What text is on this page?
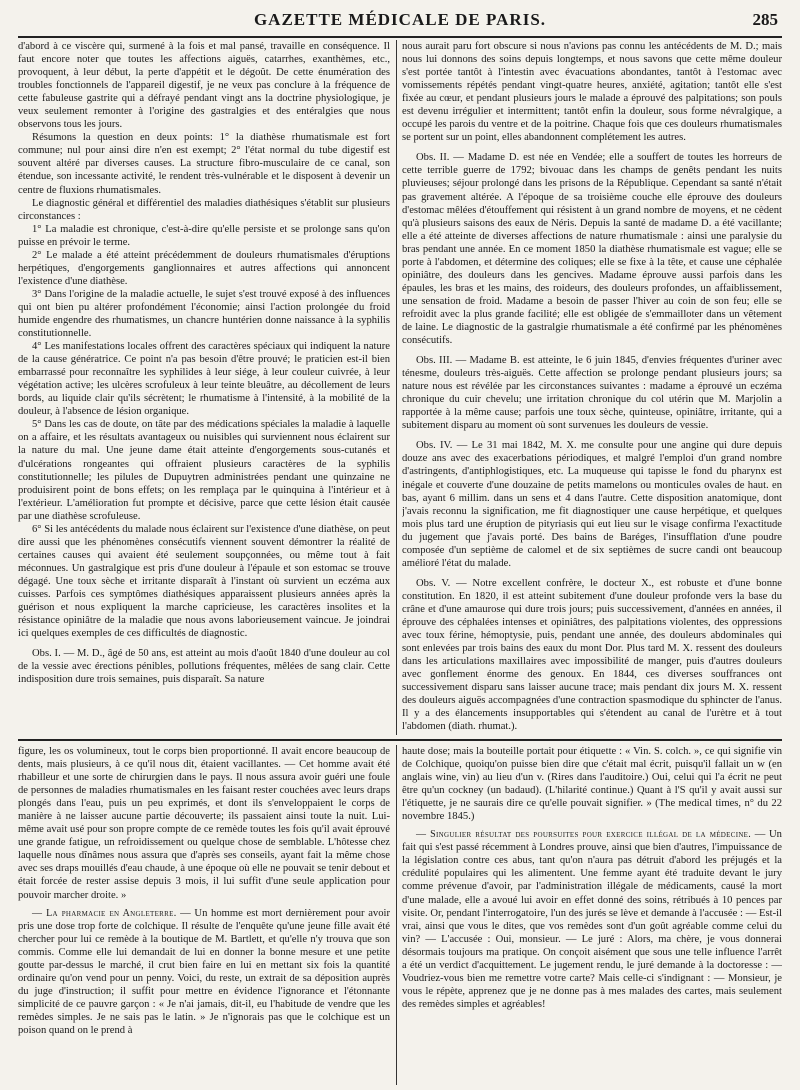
GAZETTE MÉDICALE DE PARIS.	285

d'abord à ce viscère qui, surmené à la fois et mal pansé, travaille en conséquence. Il faut encore noter que toutes les affections aiguës, catarrhes, exanthèmes, etc., provoquent, à leur début, la perte d'appétit et le dégoût. De cette énumération des troubles fonctionnels de l'appareil digestif, je ne veux pas conclure à la fréquence de cette fabuleuse gastrite qui a défrayé pendant vingt ans la doctrine physiologique, je veux seulement remonter à l'origine des gastralgies et des entéralgies que nous observons tous les jours.

Résumons la question en deux points: 1° la diathèse rhumatismale est fort commune; nul pour ainsi dire n'en est exempt; 2° l'état normal du tube digestif est souvent altéré par diverses causes. La structure fibro-musculaire de ce canal, son étendue, son incessante activité, le rendent très-vulnérable et le disposent à devenir un centre de fluxions rhumatismales.

Le diagnostic général et différentiel des maladies diathésiques s'établit sur plusieurs circonstances :

1° La maladie est chronique, c'est-à-dire qu'elle persiste et se prolonge sans qu'on puisse en prévoir le terme.

2° Le malade a été atteint précédemment de douleurs rhumatismales d'éruptions herpétiques, d'engorgements ganglionnaires et autres affections qui annoncent l'existence d'une diathèse.

3° Dans l'origine de la maladie actuelle, le sujet s'est trouvé exposé à des influences qui ont bien pu altérer profondément l'économie; ainsi l'action prolongée du froid humide engendre des rhumatismes, un chancre huntérien donne naissance à la syphilis constitutionnelle.

4° Les manifestations locales offrent des caractères spéciaux qui indiquent la nature de la cause génératrice. Ce point n'a pas besoin d'être prouvé; le praticien est-il bien embarrassé pour reconnaître les syphilides à leur siége, à leur couleur cuivrée, à leur végétation active; les ulcères scrofuleux à leur teinte bleuâtre, au décollement de leurs bords, au liquide clair qu'ils sécrètent; le rhumatisme à l'intensité, à la mobilité de la douleur, à l'absence de lésion organique.

5° Dans les cas de doute, on tâte par des médications spéciales la maladie à laquelle on a affaire, et les résultats avantageux ou nuisibles qui surviennent nous éclairent sur la nature du mal. Une jeune dame était atteinte d'engorgements sous-cutanés et d'ulcérations rongeantes qui offraient plusieurs caractères de la syphilis constitutionnelle; les pilules de Dupuytren administrées pendant une quinzaine ne produisirent point de bons effets; on les remplaça par le quinquina à l'intérieur et à l'extérieur. L'amélioration fut prompte et décisive, parce que cette lésion était causée par une diathèse scrofuleuse.

6° Si les antécédents du malade nous éclairent sur l'existence d'une diathèse, on peut dire aussi que les phénomènes consécutifs viennent souvent démontrer la réalité de certaines causes qui avaient été seulement soupçonnées, ou même tout à fait méconnues. Un gastralgique est pris d'une douleur à l'épaule et son estomac se trouve dégagé. Une toux sèche et irritante disparaît à l'instant où survient un eczéma aux cuisses. Parfois ces symptômes diathésiques apparaissent plusieurs années après la guérison et nous expliquent la marche capricieuse, les caractères insolites et la résistance opiniâtre de la maladie que nous avons laborieusement vaincue. Je joindrai ici quelques exemples de ces difficultés de diagnostic.

Obs. I. — M. D., âgé de 50 ans, est atteint au mois d'août 1840 d'une douleur au col de la vessie avec érections pénibles, pollutions fréquentes, mêlées de sang clair. Cette indisposition dure trois semaines, puis disparaît. Sa nature

nous aurait paru fort obscure si nous n'avions pas connu les antécédents de M. D.; mais nous lui donnons des soins depuis longtemps, et nous savons que cette même douleur s'est portée tantôt à l'intestin avec évacuations abondantes, tantôt à l'estomac avec vomissements répétés pendant vingt-quatre heures, anxiété, agitation; tantôt elle s'est fixée au cœur, et pendant plusieurs jours le malade a éprouvé des palpitations; son pouls est devenu irrégulier et intermittent; tantôt enfin la douleur, sous forme névralgique, a occupé les parois du ventre et de la poitrine. Chaque fois que ces douleurs rhumatismales se portent sur un point, elles abandonnent complétement les autres.

Obs. II. — Madame D. est née en Vendée; elle a souffert de toutes les horreurs de cette terrible guerre de 1792; bivouac dans les champs de genêts pendant les nuits pluvieuses; séjour prolongé dans les prisons de la République. Cependant sa santé n'était pas gravement altérée. A l'époque de sa troisième couche elle éprouve des douleurs d'estomac mêlées d'étouffement qui résistent à un grand nombre de moyens, et ne cèdent qu'à plusieurs saisons des eaux de Néris. Depuis la santé de madame D. a été vacillante; elle a été atteinte de diverses affections de nature rhumatismale : ainsi une paralysie du bras pendant une année. En ce moment 1850 la diathèse rhumatismale est vague; elle se porte à l'abdomen, et détermine des coliques; elle se fixe à la tête, et cause une céphalée opiniâtre, des douleurs dans les gencives. Madame éprouve aussi parfois dans les épaules, les bras et les mains, des roideurs, des douleurs profondes, un affaiblissement, une sensation de froid. Madame a besoin de passer l'hiver au coin de son feu; elle se refroidit avec la plus grande facilité; elle est obligée de s'emmailloter dans un vêtement de laine. Le diagnostic de la gastralgie rhumatismale a été confirmé par les phénomènes consécutifs.

Obs. III. — Madame B. est atteinte, le 6 juin 1845, d'envies fréquentes d'uriner avec ténesme, douleurs très-aiguës. Cette affection se prolonge pendant plusieurs jours; sa nature nous est révélée par les circonstances suivantes : madame a éprouvé un eczéma chronique du cuir chevelu; une irritation chronique du col utérin que M. Marjolin a rapportée à la même cause; parfois une toux sèche, quinteuse, opiniâtre, irritante, qui a subitement disparu au moment où sont survenues les douleurs de vessie.

Obs. IV. — Le 31 mai 1842, M. X. me consulte pour une angine qui dure depuis douze ans avec des exacerbations périodiques, et malgré l'emploi d'un grand nombre d'astringents, d'antiphlogistiques, etc. La muqueuse qui tapisse le fond du pharynx est inégale et couverte d'une douzaine de petits mamelons ou monticules ovales de haut. en bas, ayant 6 millim. dans un sens et 4 dans l'autre. Cette disposition anatomique, dont j'avais reconnu la signification, me fit diagnostiquer une cause herpétique, et quelques mois plus tard une éruption de pityriasis qui eut lieu sur le visage confirma l'exactitude du jugement que j'avais porté. Des bains de Baréges, l'insufflation d'une poudre composée d'un septième de calomel et de six septièmes de sucre candi ont beaucoup amélioré l'état du malade.

Obs. V. — Notre excellent confrère, le docteur X., est robuste et d'une bonne constitution. En 1820, il est atteint subitement d'une douleur profonde vers la base du crâne et d'une amaurose qui dure trois jours; puis successivement, d'années en années, il éprouve des céphalées intenses et opiniâtres, des palpitations violentes, des oppressions avec toux férine, hémoptysie, puis, pendant une année, des douleurs abdominales qui sont enlevées par trois bains des eaux du mont Dor. Plus tard M. X. ressent des douleurs dans les articulations maxillaires avec impossibilité de manger, puis d'autres douleurs avec gonflement énorme des genoux. En 1844, ces diverses souffrances ont successivement disparu sans laisser aucune trace; mais pendant dix jours M. X. ressent des douleurs aiguës accompagnées d'une contraction spasmodique du sphincter de l'anus. Il y a des élancements insupportables qui s'étendent au canal de l'urètre et à tout l'abdomen (diath. rhumat.).

figure, les os volumineux, tout le corps bien proportionné. Il avait encore beaucoup de dents, mais plusieurs, à ce qu'il nous dit, étaient vacillantes. — Cet homme avait été rhabilleur et une sorte de chirurgien dans le pays. Il nous assura avoir guéri une foule de personnes de maladies rhumatismales en les faisant rester couchées avec leurs draps plongés dans l'eau, puis un peu exprimés, et dont ils s'enveloppaient le corps de manière à ne laisser aucune partie découverte; ils passaient ainsi toute la nuit. Lui-même avait usé pour son propre compte de ce remède toutes les fois qu'il avait éprouvé une grande fatigue, un refroidissement ou quelque chose de semblable. L'hôtesse chez laquelle nous dînâmes nous assura que d'après ses conseils, ayant fait la même chose avec ses draps mouillés d'eau chaude, à une époque où elle ne pouvait se tenir debout et était forcée de rester assise depuis 3 mois, il lui suffit d'une seule application pour pouvoir marcher droite. »

— La pharmacie en Angleterre. — Un homme est mort dernièrement pour avoir pris une dose trop forte de colchique. Il résulte de l'enquête qu'une jeune fille avait été chercher pour lui ce remède à la boutique de M. Bartlett, et qu'elle n'y trouva que son commis. Comme elle lui demandait de lui en donner la bonne mesure et une petite goutte par-dessus le marché, il crut bien faire en lui en mettant six fois la quantité ordinaire qu'on vend pour un penny. Voici, du reste, un extrait de sa déposition auprès du juge d'instruction; il suffit pour mettre en évidence l'ignorance et l'étonnante simplicité de ce pauvre garçon : « Je n'ai jamais, dit-il, eu l'habitude de vendre que les remèdes simples. Je ne sais pas le latin. » Je n'ignorais pas que le colchique est un poison quand on le prend à

haute dose; mais la bouteille portait pour étiquette : « Vin. S. colch. », ce qui signifie vin de Colchique, quoiqu'on puisse bien dire que c'était mal écrit, puisqu'il fallait un w (en anglais wine, vin) au lieu d'un v. (Rires dans l'auditoire.) Oui, celui qui l'a écrit ne peut être qu'un cockney (un badaud). (L'hilarité continue.) Quant à l'S qu'il y avait aussi sur l'étiquette, je ne saurais dire ce qu'elle pouvait signifier. » (The medical times, n° du 22 novembre 1845.)

— Singulier résultat des poursuites pour exercice illégal de la médecine. — Un fait qui s'est passé récemment à Londres prouve, ainsi que bien d'autres, l'impuissance de la législation contre ces abus, tant qu'on n'aura pas détruit d'abord les préjugés et la crédulité populaires qui les alimentent. Une femme ayant été traduite devant le jury comme prévenue d'avoir, par l'administration illégale de médicaments, causé la mort d'une malade, elle a avoué lui avoir en effet donné des soins, rétribués à 10 pences par visite. Or, pendant l'interrogatoire, l'un des jurés se lève et demande à l'accusée : — Est-il vrai, ainsi que vous le dites, que vos remèdes sont d'un goût agréable comme celui du vin? — L'accusée : Oui, monsieur. — Le juré : Alors, ma chère, je vous donnerai désormais toujours ma pratique. On conçoit aisément que sous une telle influence l'arrêt a été un verdict d'acquittement. Le jugement rendu, le juré demande à la doctoresse : — Voudriez-vous bien me remettre votre carte? Mais celle-ci s'indignant : — Monsieur, je vous le répète, apprenez que je ne donne pas à mes malades des cartes, mais seulement des remèdes simples et agréables!
